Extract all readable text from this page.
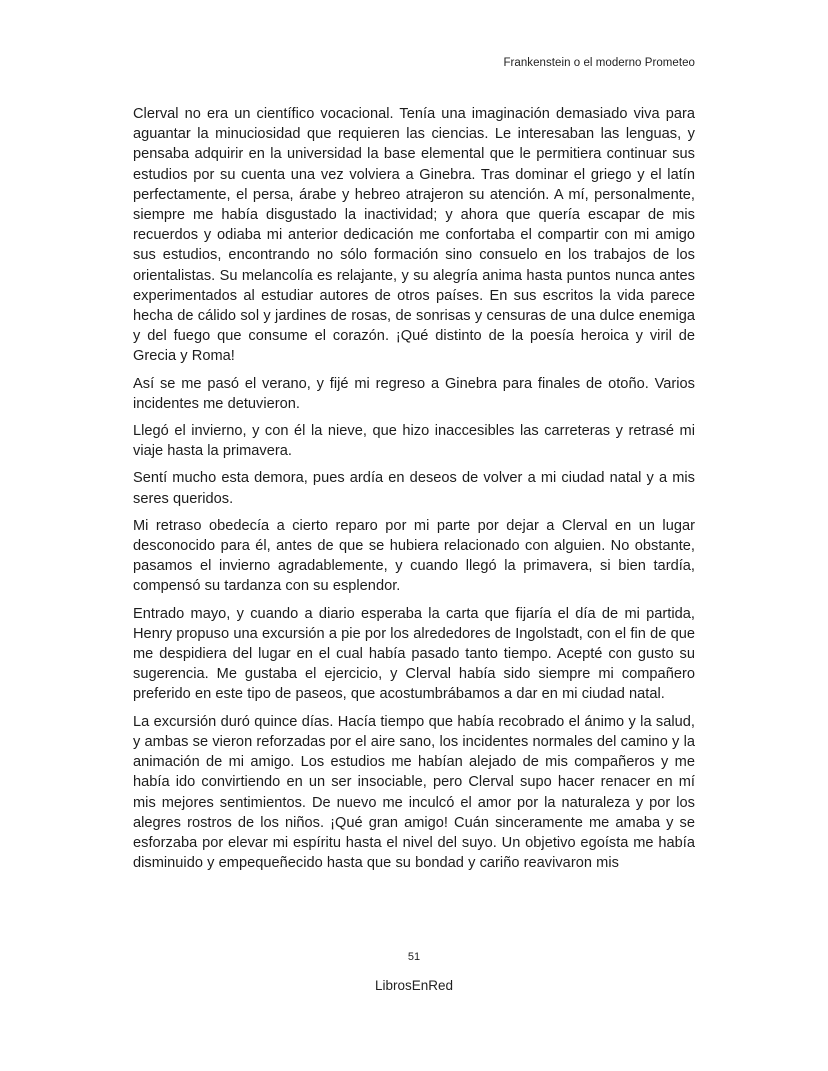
Frankenstein o el moderno Prometeo

Clerval no era un científico vocacional. Tenía una imaginación demasiado viva para aguantar la minuciosidad que requieren las ciencias. Le interesaban las lenguas, y pensaba adquirir en la universidad la base elemental que le permitiera continuar sus estudios por su cuenta una vez volviera a Ginebra. Tras dominar el griego y el latín perfectamente, el persa, árabe y hebreo atrajeron su atención. A mí, personalmente, siempre me había disgustado la inactividad; y ahora que quería escapar de mis recuerdos y odiaba mi anterior dedicación me confortaba el compartir con mi amigo sus estudios, encontrando no sólo formación sino consuelo en los trabajos de los orientalistas. Su melancolía es relajante, y su alegría anima hasta puntos nunca antes experimentados al estudiar autores de otros países. En sus escritos la vida parece hecha de cálido sol y jardines de rosas, de sonrisas y censuras de una dulce enemiga y del fuego que consume el corazón. ¡Qué distinto de la poesía heroica y viril de Grecia y Roma!

Así se me pasó el verano, y fijé mi regreso a Ginebra para finales de otoño. Varios incidentes me detuvieron.

Llegó el invierno, y con él la nieve, que hizo inaccesibles las carreteras y retrasé mi viaje hasta la primavera.

Sentí mucho esta demora, pues ardía en deseos de volver a mi ciudad natal y a mis seres queridos.

Mi retraso obedecía a cierto reparo por mi parte por dejar a Clerval en un lugar desconocido para él, antes de que se hubiera relacionado con alguien. No obstante, pasamos el invierno agradablemente, y cuando llegó la primavera, si bien tardía, compensó su tardanza con su esplendor.

Entrado mayo, y cuando a diario esperaba la carta que fijaría el día de mi partida, Henry propuso una excursión a pie por los alrededores de Ingolstadt, con el fin de que me despidiera del lugar en el cual había pasado tanto tiempo. Acepté con gusto su sugerencia. Me gustaba el ejercicio, y Clerval había sido siempre mi compañero preferido en este tipo de paseos, que acostumbrábamos a dar en mi ciudad natal.

La excursión duró quince días. Hacía tiempo que había recobrado el ánimo y la salud, y ambas se vieron reforzadas por el aire sano, los incidentes normales del camino y la animación de mi amigo. Los estudios me habían alejado de mis compañeros y me había ido convirtiendo en un ser insociable, pero Clerval supo hacer renacer en mí mis mejores sentimientos. De nuevo me inculcó el amor por la naturaleza y por los alegres rostros de los niños. ¡Qué gran amigo! Cuán sinceramente me amaba y se esforzaba por elevar mi espíritu hasta el nivel del suyo. Un objetivo egoísta me había disminuido y empequeñecido hasta que su bondad y cariño reavivaron mis

51
LibrosEnRed
